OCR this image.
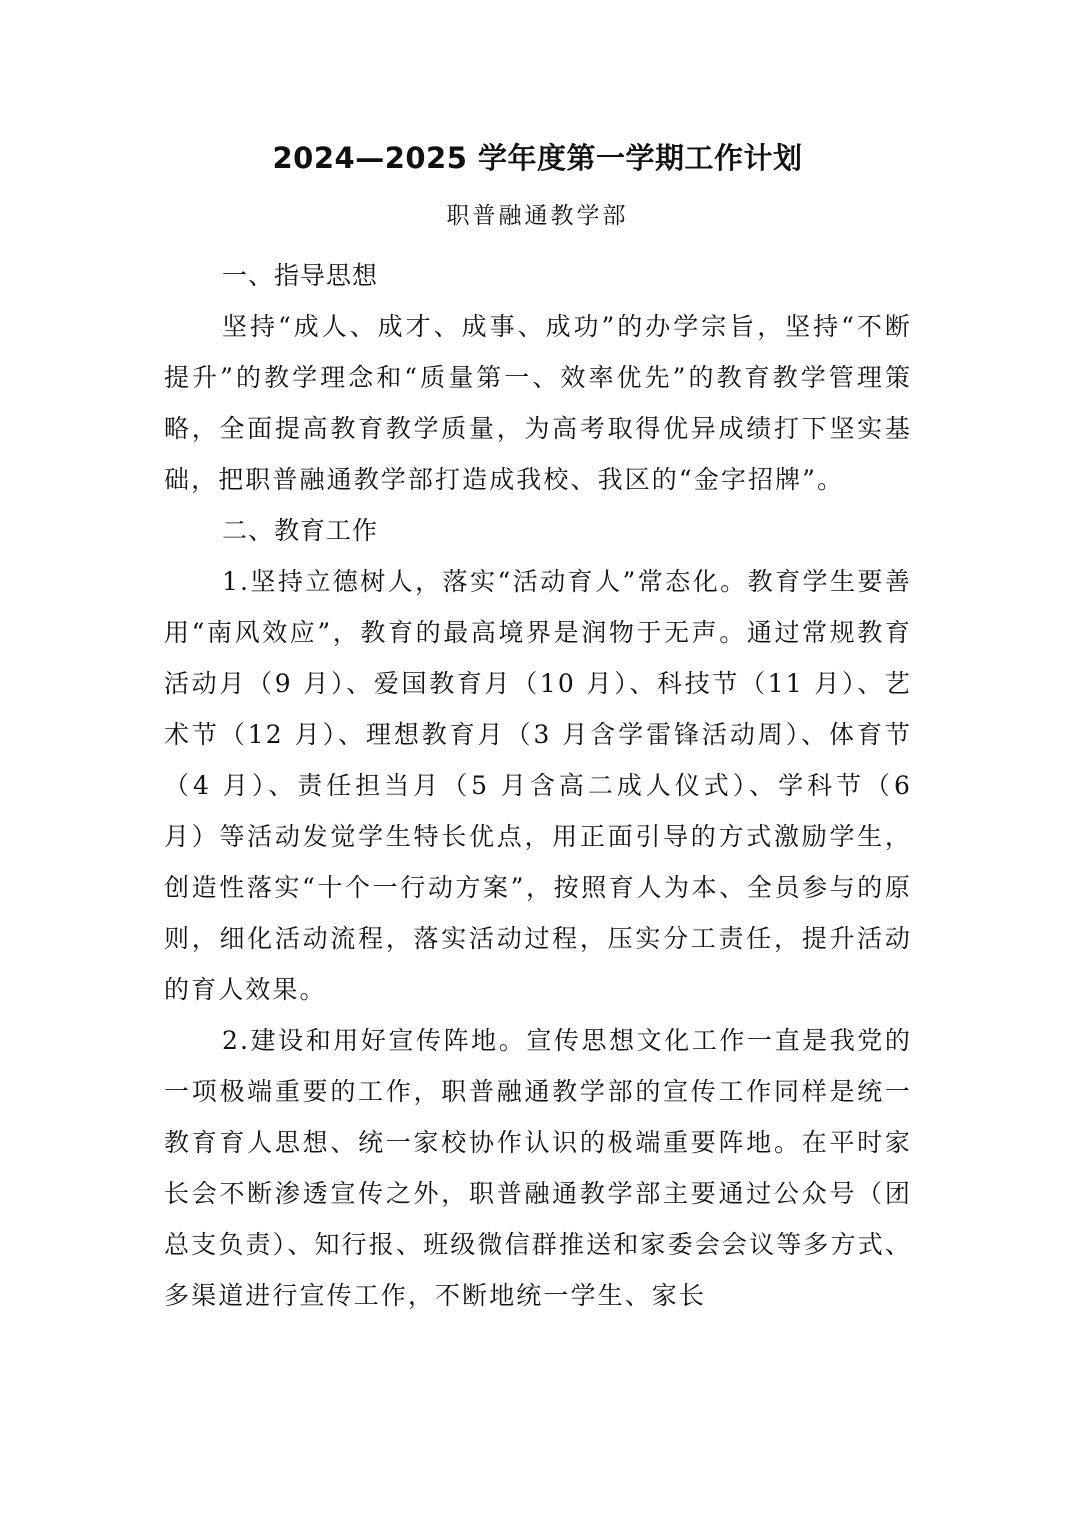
2024—2025 学年度第一学期工作计划

职普融通教学部

一、指导思想

坚持“成人、成才、成事、成功”的办学宗旨，坚持“不断提升”的教学理念和“质量第一、效率优先”的教育教学管理策略，全面提高教育教学质量，为高考取得优异成绩打下坚实基础，把职普融通教学部打造成我校、我区的“金字招牌”。

二、教育工作

1.坚持立德树人，落实“活动育人”常态化。教育学生要善用“南风效应”，教育的最高境界是润物于无声。通过常规教育活动月（9 月）、爱国教育月（10 月）、科技节（11 月）、艺术节（12 月）、理想教育月（3 月含学雷锋活动周）、体育节（4 月）、责任担当月（5 月含高二成人仪式）、学科节（6 月）等活动发觉学生特长优点，用正面引导的方式激励学生，创造性落实“十个一行动方案”，按照育人为本、全员参与的原则，细化活动流程，落实活动过程，压实分工责任，提升活动的育人效果。

2.建设和用好宣传阵地。宣传思想文化工作一直是我党的一项极端重要的工作，职普融通教学部的宣传工作同样是统一教育育人思想、统一家校协作认识的极端重要阵地。在平时家长会不断渗透宣传之外，职普融通教学部主要通过公众号（团总支负责）、知行报、班级微信群推送和家委会会议等多方式、多渠道进行宣传工作，不断地统一学生、家长
